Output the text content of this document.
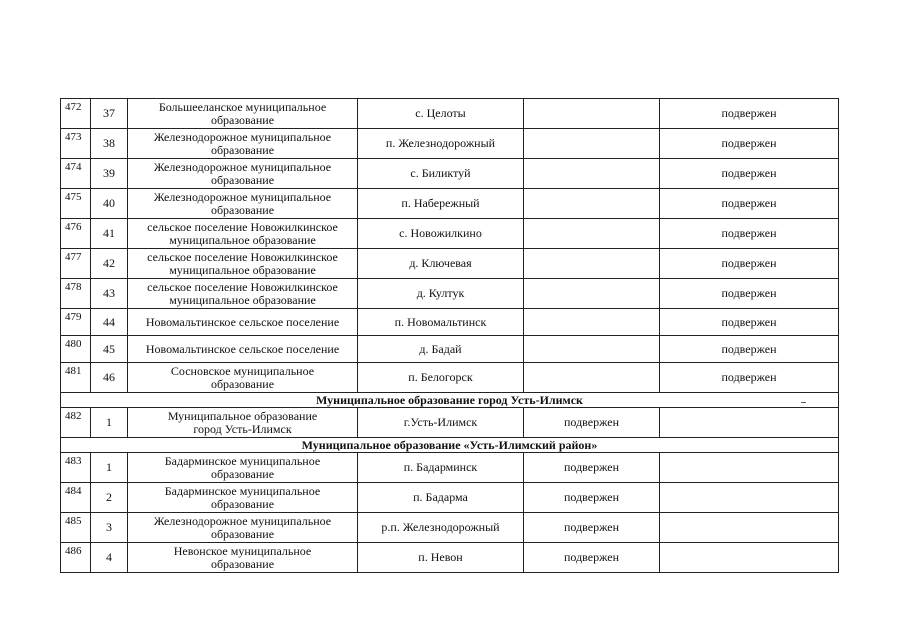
472	37	Большееланское муниципальное
образование	с. Целоты		подвержен
473	38	Железнодорожное муниципальное
образование	п. Железнодорожный		подвержен
474	39	Железнодорожное муниципальное
образование	с. Биликтуй		подвержен
475	40	Железнодорожное муниципальное
образование	п. Набережный		подвержен
476	41	сельское поселение Новожилкинское
муниципальное образование	с. Новожилкино		подвержен
477	42	сельское поселение Новожилкинское
муниципальное образование	д. Ключевая		подвержен
478	43	сельское поселение Новожилкинское
муниципальное образование	д. Култук		подвержен
479	44	Новомальтинское сельское поселение	п. Новомальтинск		подвержен
480	45	Новомальтинское сельское поселение	д. Бадай		подвержен
481	46	Сосновское муниципальное
образование	п. Белогорск		подвержен
Муниципальное образование город Усть-Илимск					
482	1	Муниципальное образование
город Усть-Илимск	г.Усть-Илимск	подвержен	
Муниципальное образование «Усть-Илимский район»					
483	1	Бадарминское муниципальное
образование	п. Бадарминск	подвержен	
484	2	Бадарминское муниципальное
образование	п. Бадарма	подвержен	
485	3	Железнодорожное муниципальное
образование	р.п. Железнодорожный	подвержен	
486	4	Невонское муниципальное
образование	п. Невон	подвержен	
